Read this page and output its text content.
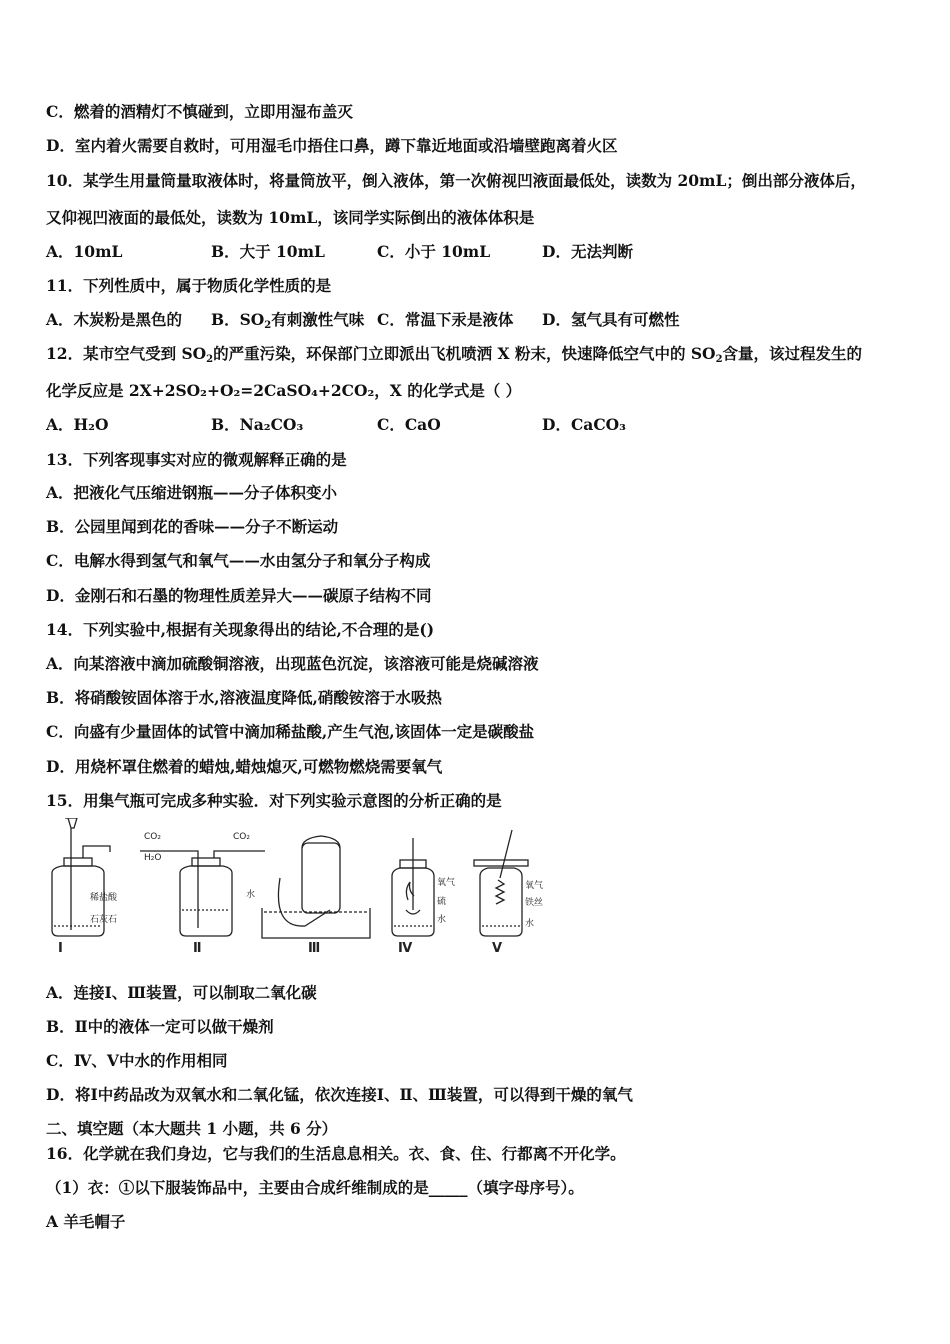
C．燃着的酒精灯不慎碰到，立即用湿布盖灭
D．室内着火需要自救时，可用湿毛巾捂住口鼻，蹲下靠近地面或沿墙壁跑离着火区
10．某学生用量筒量取液体时，将量筒放平，倒入液体，第一次俯视凹液面最低处，读数为 20mL；倒出部分液体后，
又仰视凹液面的最低处，读数为 10mL，该同学实际倒出的液体体积是
A．10mL	B．大于 10mL	C．小于 10mL	D．无法判断
11．下列性质中，属于物质化学性质的是
A．木炭粉是黑色的 B．$SO_2$有刺激性气味 C．常温下汞是液体 D．氢气具有可燃性
12．某市空气受到 $SO_2$的严重污染，环保部门立即派出飞机喷洒 X 粉末，快速降低空气中的 $SO_2$含量，该过程发生的
化学反应是 2X+2SO₂+O₂=2CaSO₄+2CO₂，X 的化学式是（ ）
A．H₂O	B．Na₂CO₃	C．CaO	D．CaCO₃
13．下列客现事实对应的微观解释正确的是
A．把液化气压缩进钢瓶——分子体积变小
B．公园里闻到花的香味——分子不断运动
C．电解水得到氢气和氧气——水由氢分子和氧分子构成
D．金刚石和石墨的物理性质差异大——碳原子结构不同
14．下列实验中,根据有关现象得出的结论,不合理的是()
A．向某溶液中滴加硫酸铜溶液，出现蓝色沉淀，该溶液可能是烧碱溶液
B．将硝酸铵固体溶于水,溶液温度降低,硝酸铵溶于水吸热
C．向盛有少量固体的试管中滴加稀盐酸,产生气泡,该固体一定是碳酸盐
D．用烧杯罩住燃着的蜡烛,蜡烛熄灭,可燃物燃烧需要氧气
15．用集气瓶可完成多种实验．对下列实验示意图的分析正确的是
稀盐酸
石灰石
CO₂
H₂O
CO₂
水
氧气
硫
水
氧气
铁丝
水
Ⅰ	Ⅱ	Ⅲ	Ⅳ	Ⅴ
A．连接Ⅰ、Ⅲ装置，可以制取二氧化碳
B．Ⅱ中的液体一定可以做干燥剂
C．Ⅳ、Ⅴ中水的作用相同
D．将Ⅰ中药品改为双氧水和二氧化锰，依次连接Ⅰ、Ⅱ、Ⅲ装置，可以得到干燥的氧气
二、填空题（本大题共 1 小题，共 6 分）
16．化学就在我们身边，它与我们的生活息息相关。衣、食、住、行都离不开化学。
（1）衣：①以下服装饰品中，主要由合成纤维制成的是_____（填字母序号）。
A 羊毛帽子
